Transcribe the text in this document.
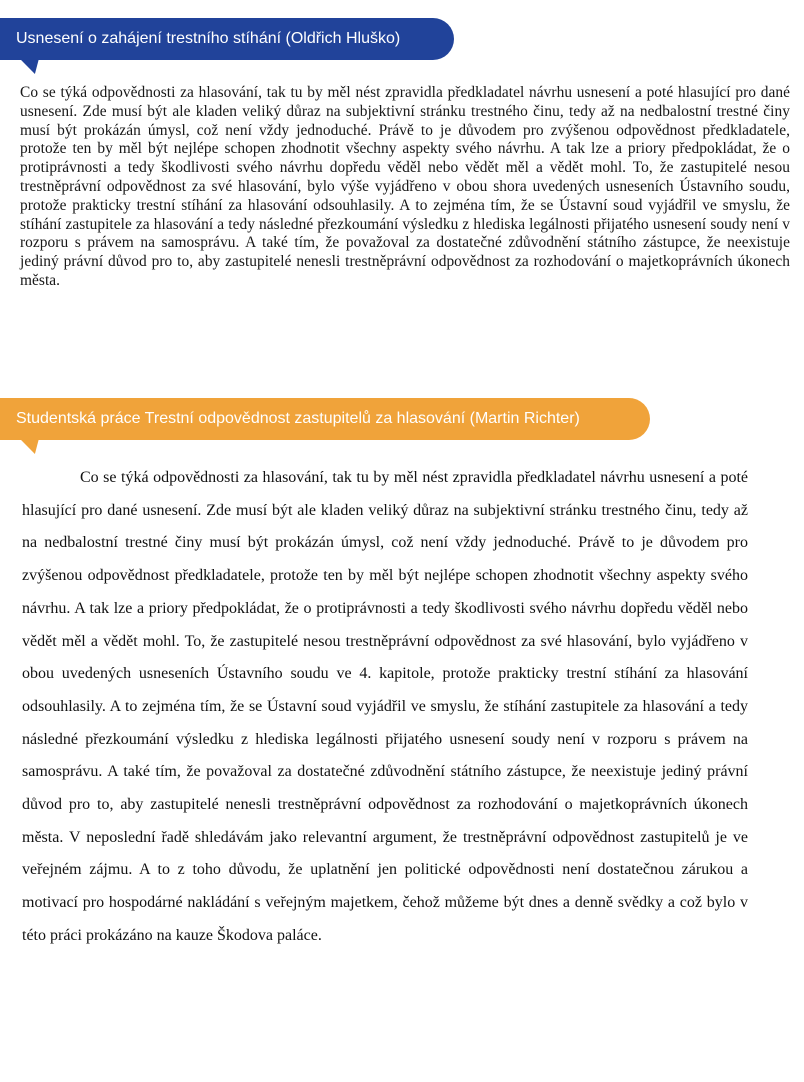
Usnesení o zahájení trestního stíhání (Oldřich Hluško)

Co se týká odpovědnosti za hlasování, tak tu by měl nést zpravidla předkladatel návrhu usnesení a poté hlasující pro dané usnesení. Zde musí být ale kladen veliký důraz na subjektivní stránku trestného činu, tedy až na nedbalostní trestné činy musí být prokázán úmysl, což není vždy jednoduché. Právě to je důvodem pro zvýšenou odpovědnost předkladatele, protože ten by měl být nejlépe schopen zhodnotit všechny aspekty svého návrhu. A tak lze a priory předpokládat, že o protiprávnosti a tedy škodlivosti svého návrhu dopředu věděl nebo vědět měl a vědět mohl. To, že zastupitelé nesou trestněprávní odpovědnost za své hlasování, bylo výše vyjádřeno v obou shora uvedených usneseních Ústavního soudu, protože prakticky trestní stíhání za hlasování odsouhlasily. A to zejména tím, že se Ústavní soud vyjádřil ve smyslu, že stíhání zastupitele za hlasování a tedy následné přezkoumání výsledku z hlediska legálnosti přijatého usnesení soudy není v rozporu s právem na samosprávu. A také tím, že považoval za dostatečné zdůvodnění státního zástupce, že neexistuje jediný právní důvod pro to, aby zastupitelé nenesli trestněprávní odpovědnost za rozhodování o majetkoprávních úkonech města.

Studentská práce Trestní odpovědnost zastupitelů za hlasování (Martin Richter)

Co se týká odpovědnosti za hlasování, tak tu by měl nést zpravidla předkladatel návrhu usnesení a poté hlasující pro dané usnesení. Zde musí být ale kladen veliký důraz na subjektivní stránku trestného činu, tedy až na nedbalostní trestné činy musí být prokázán úmysl, což není vždy jednoduché. Právě to je důvodem pro zvýšenou odpovědnost předkladatele, protože ten by měl být nejlépe schopen zhodnotit všechny aspekty svého návrhu. A tak lze a priory předpokládat, že o protiprávnosti a tedy škodlivosti svého návrhu dopředu věděl nebo vědět měl a vědět mohl. To, že zastupitelé nesou trestněprávní odpovědnost za své hlasování, bylo vyjádřeno v obou uvedených usneseních Ústavního soudu ve 4. kapitole, protože prakticky trestní stíhání za hlasování odsouhlasily. A to zejména tím, že se Ústavní soud vyjádřil ve smyslu, že stíhání zastupitele za hlasování a tedy následné přezkoumání výsledku z hlediska legálnosti přijatého usnesení soudy není v rozporu s právem na samosprávu. A také tím, že považoval za dostatečné zdůvodnění státního zástupce, že neexistuje jediný právní důvod pro to, aby zastupitelé nenesli trestněprávní odpovědnost za rozhodování o majetkoprávních úkonech města. V neposlední řadě shledávám jako relevantní argument, že trestněprávní odpovědnost zastupitelů je ve veřejném zájmu. A to z toho důvodu, že uplatnění jen politické odpovědnosti není dostatečnou zárukou a motivací pro hospodárné nakládání s veřejným majetkem, čehož můžeme být dnes a denně svědky a což bylo v této práci prokázáno na kauze Škodova paláce.
